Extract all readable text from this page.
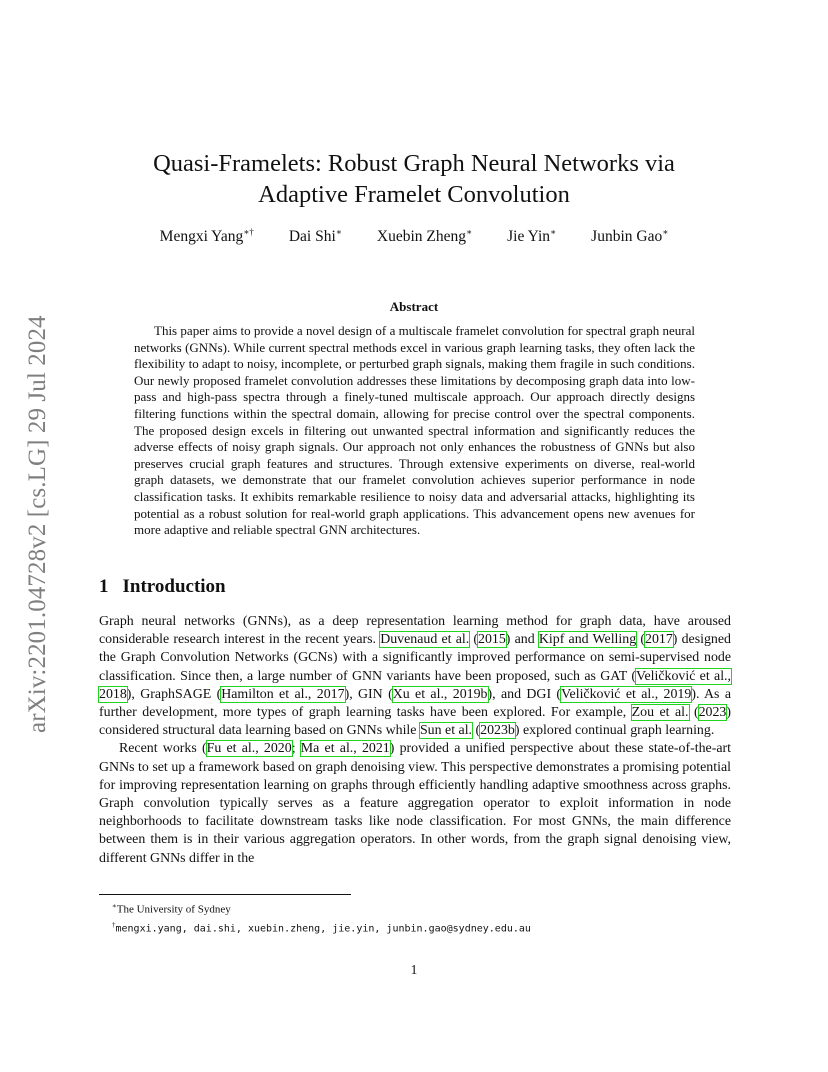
arXiv:2201.04728v2 [cs.LG] 29 Jul 2024
Quasi-Framelets: Robust Graph Neural Networks via
Adaptive Framelet Convolution
Mengxi Yang∗† Dai Shi∗ Xuebin Zheng∗ Jie Yin∗ Junbin Gao∗
Abstract

This paper aims to provide a novel design of a multiscale framelet convolution for spectral graph neural networks (GNNs). While current spectral methods excel in various graph learning tasks, they often lack the flexibility to adapt to noisy, incomplete, or perturbed graph signals, making them fragile in such conditions. Our newly proposed framelet convolution addresses these limitations by decomposing graph data into low-pass and high-pass spectra through a finely-tuned multiscale approach. Our approach directly designs filtering functions within the spectral domain, allowing for precise control over the spectral components. The proposed design excels in filtering out unwanted spectral information and significantly reduces the adverse effects of noisy graph signals. Our approach not only enhances the robustness of GNNs but also preserves crucial graph features and structures. Through extensive experiments on diverse, real-world graph datasets, we demonstrate that our framelet convolution achieves superior performance in node classification tasks. It exhibits remarkable resilience to noisy data and adversarial attacks, highlighting its potential as a robust solution for real-world graph applications. This advancement opens new avenues for more adaptive and reliable spectral GNN architectures.

1 Introduction

Graph neural networks (GNNs), as a deep representation learning method for graph data, have aroused considerable research interest in the recent years. Duvenaud et al. (2015) and Kipf and Welling (2017) designed the Graph Convolution Networks (GCNs) with a significantly improved performance on semi-supervised node classification. Since then, a large number of GNN variants have been proposed, such as GAT (Veličković et al., 2018), GraphSAGE (Hamilton et al., 2017), GIN (Xu et al., 2019b), and DGI (Veličković et al., 2019). As a further development, more types of graph learning tasks have been explored. For example, Zou et al. (2023) considered structural data learning based on GNNs while Sun et al. (2023b) explored continual graph learning.

Recent works (Fu et al., 2020; Ma et al., 2021) provided a unified perspective about these state-of-the-art GNNs to set up a framework based on graph denoising view. This perspective demonstrates a promising potential for improving representation learning on graphs through efficiently handling adaptive smoothness across graphs. Graph convolution typically serves as a feature aggregation operator to exploit information in node neighborhoods to facilitate downstream tasks like node classification. For most GNNs, the main difference between them is in their various aggregation operators. In other words, from the graph signal denoising view, different GNNs differ in the

∗The University of Sydney
†mengxi.yang, dai.shi, xuebin.zheng, jie.yin, junbin.gao@sydney.edu.au
1
